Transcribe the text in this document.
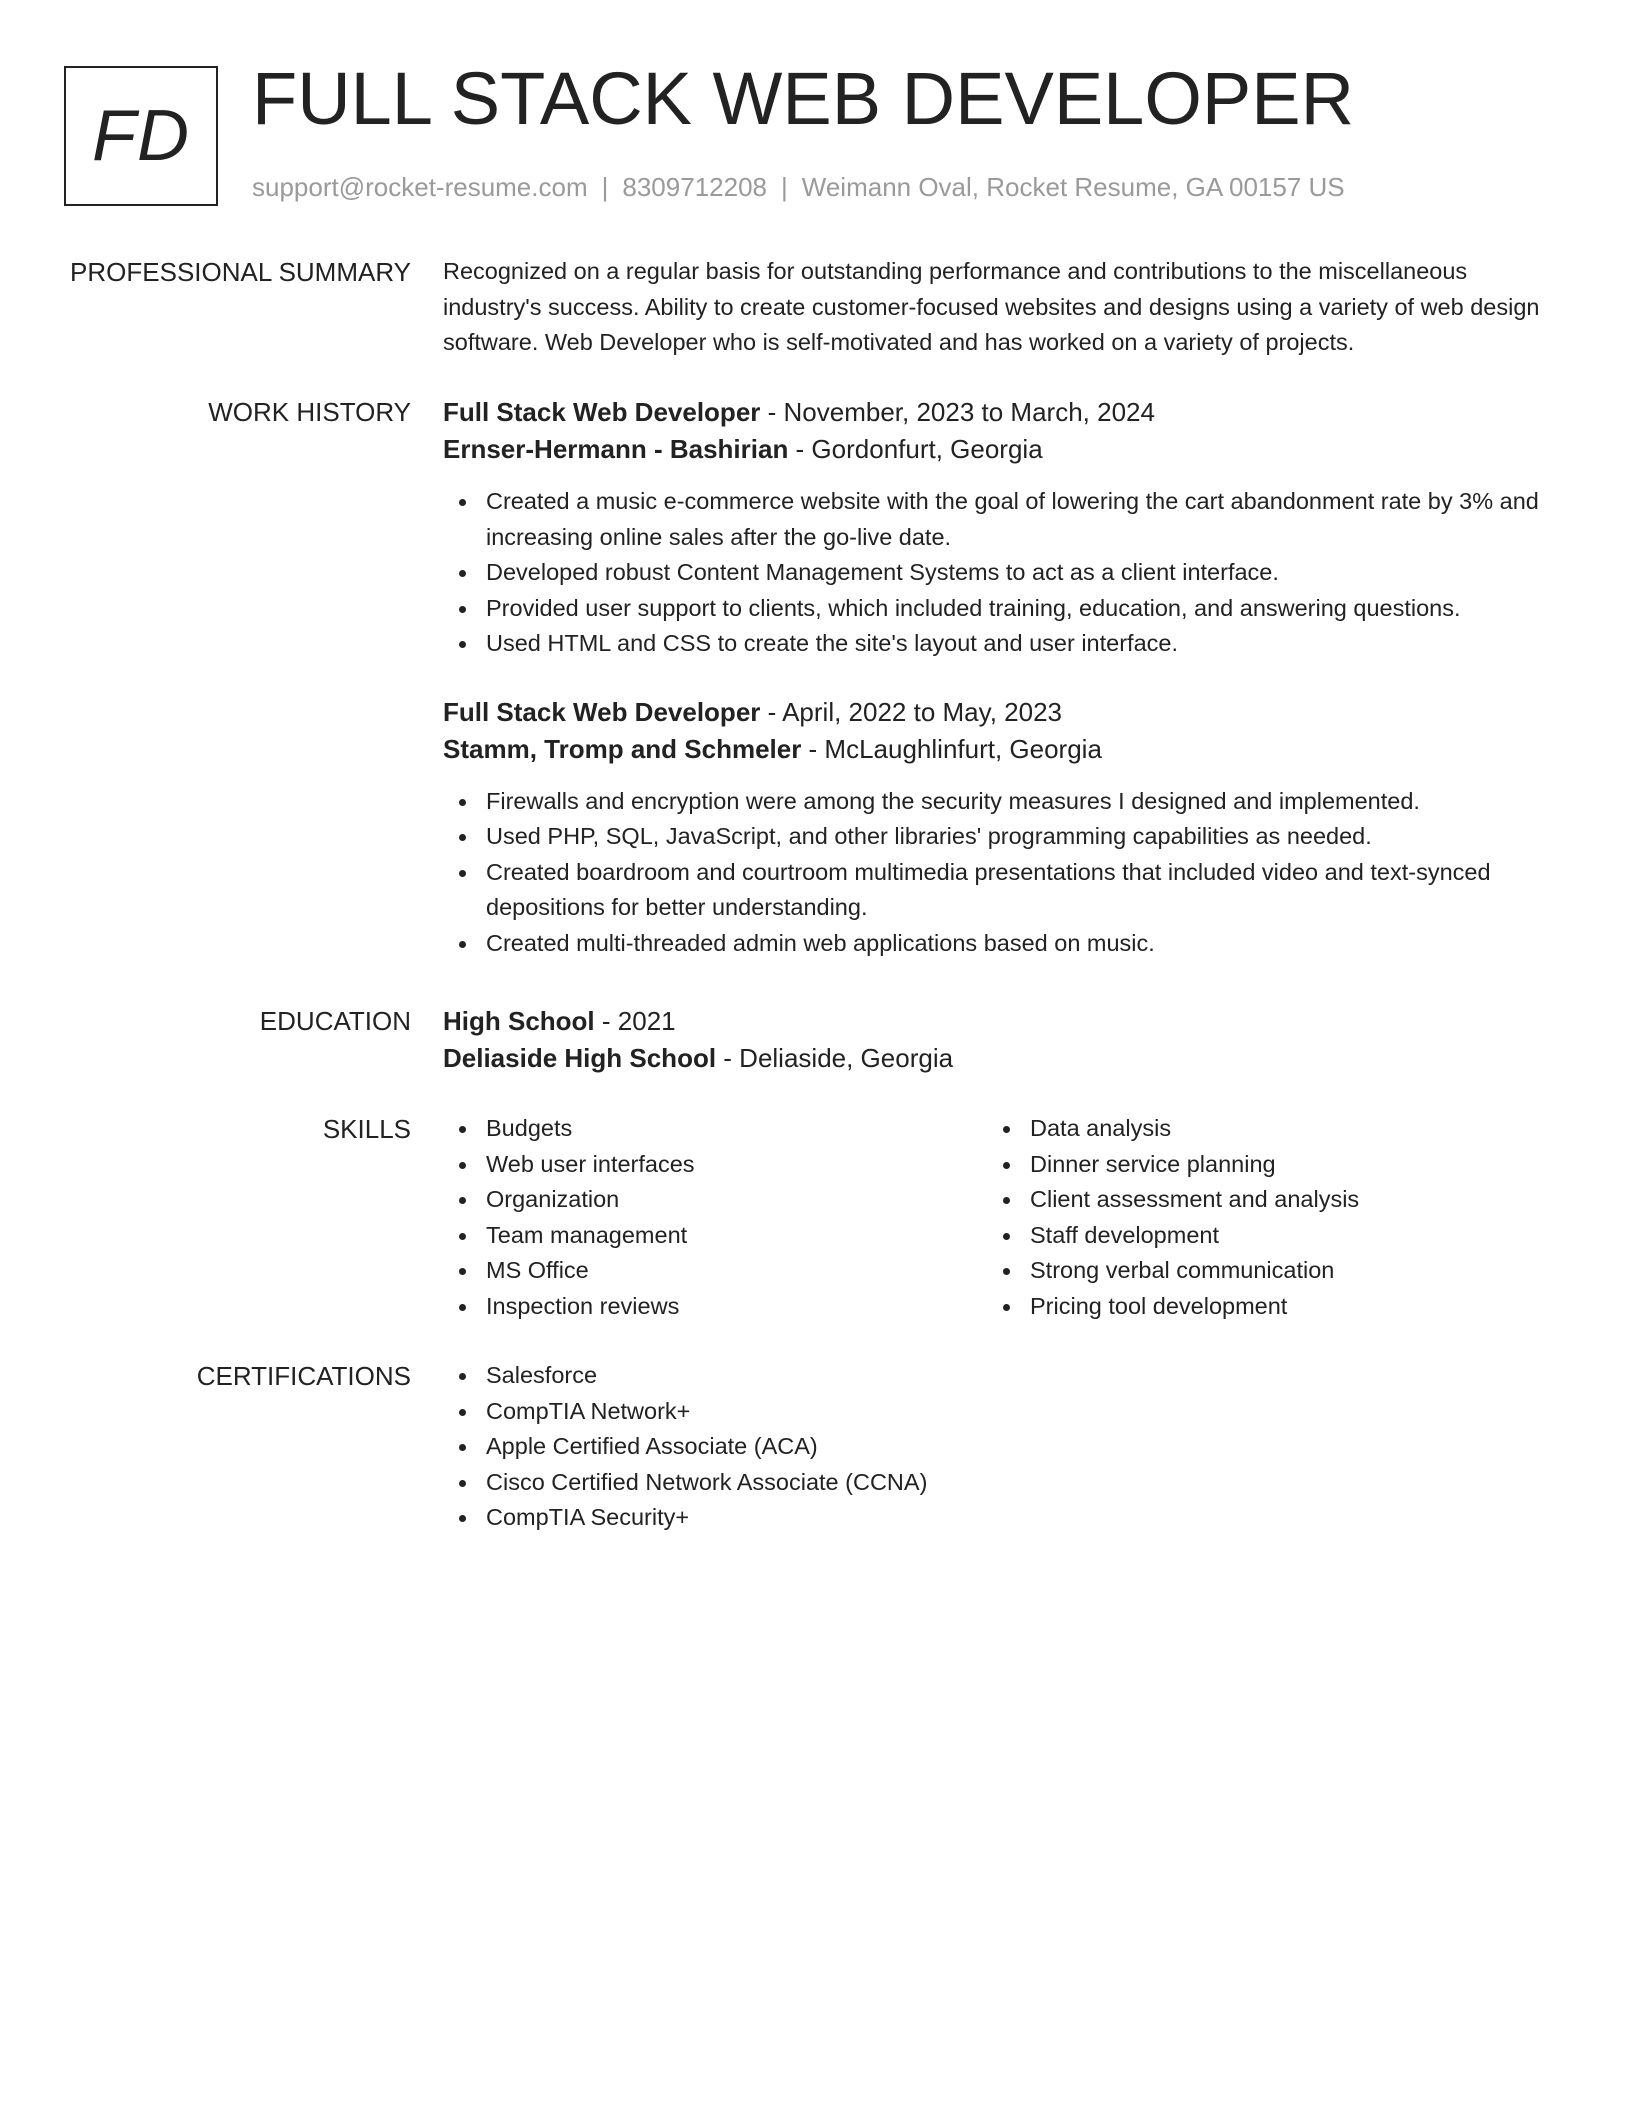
FD FULL STACK WEB DEVELOPER
support@rocket-resume.com | 8309712208 | Weimann Oval, Rocket Resume, GA 00157 US
PROFESSIONAL SUMMARY Recognized on a regular basis for outstanding performance and contributions to the miscellaneous industry's success. Ability to create customer-focused websites and designs using a variety of web design software. Web Developer who is self-motivated and has worked on a variety of projects.

WORK HISTORY Full Stack Web Developer - November, 2023 to March, 2024
Ernser-Hermann - Bashirian - Gordonfurt, Georgia
Created a music e-commerce website with the goal of lowering the cart abandonment rate by 3% and increasing online sales after the go-live date.
Developed robust Content Management Systems to act as a client interface.
Provided user support to clients, which included training, education, and answering questions.
Used HTML and CSS to create the site's layout and user interface.
Full Stack Web Developer - April, 2022 to May, 2023
Stamm, Tromp and Schmeler - McLaughlinfurt, Georgia
Firewalls and encryption were among the security measures I designed and implemented.
Used PHP, SQL, JavaScript, and other libraries' programming capabilities as needed.
Created boardroom and courtroom multimedia presentations that included video and text-synced depositions for better understanding.
Created multi-threaded admin web applications based on music.
EDUCATION High School - 2021
Deliaside High School - Deliaside, Georgia
SKILLS	Budgets
Web user interfaces
Organization
Team management
MS Office
Inspection reviews
Data analysis
Dinner service planning
Client assessment and analysis
Staff development
Strong verbal communication
Pricing tool development
CERTIFICATIONS	Salesforce
CompTIA Network+
Apple Certified Associate (ACA)
Cisco Certified Network Associate (CCNA)
CompTIA Security+
